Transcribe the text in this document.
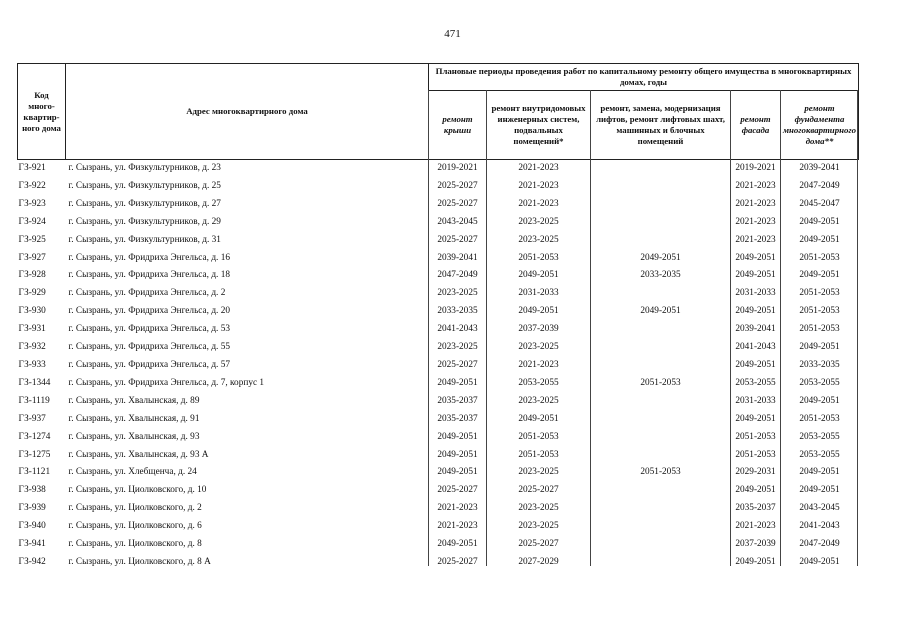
471
Код много-квартир-ного дома	Адрес многоквартирного дома	Плановые периоды проведения работ по капитальному ремонту общего имущества в многоквартирных домах, годы				
		ремонт крыши	ремонт внутридомовых инженерных систем, подвальных помещений*	ремонт, замена, модернизация лифтов, ремонт лифтовых шахт, машинных и блочных помещений	ремонт фасада	ремонт фундамента многоквартирного дома**
ГЗ-921	г. Сызрань, ул. Физкультурников, д. 23	2019-2021	2021-2023		2019-2021	2039-2041
ГЗ-922	г. Сызрань, ул. Физкультурников, д. 25	2025-2027	2021-2023		2021-2023	2047-2049
ГЗ-923	г. Сызрань, ул. Физкультурников, д. 27	2025-2027	2021-2023		2021-2023	2045-2047
ГЗ-924	г. Сызрань, ул. Физкультурников, д. 29	2043-2045	2023-2025		2021-2023	2049-2051
ГЗ-925	г. Сызрань, ул. Физкультурников, д. 31	2025-2027	2023-2025		2021-2023	2049-2051
ГЗ-927	г. Сызрань, ул. Фридриха Энгельса, д. 16	2039-2041	2051-2053	2049-2051	2049-2051	2051-2053
ГЗ-928	г. Сызрань, ул. Фридриха Энгельса, д. 18	2047-2049	2049-2051	2033-2035	2049-2051	2049-2051
ГЗ-929	г. Сызрань, ул. Фридриха Энгельса, д. 2	2023-2025	2031-2033		2031-2033	2051-2053
ГЗ-930	г. Сызрань, ул. Фридриха Энгельса, д. 20	2033-2035	2049-2051	2049-2051	2049-2051	2051-2053
ГЗ-931	г. Сызрань, ул. Фридриха Энгельса, д. 53	2041-2043	2037-2039		2039-2041	2051-2053
ГЗ-932	г. Сызрань, ул. Фридриха Энгельса, д. 55	2023-2025	2023-2025		2041-2043	2049-2051
ГЗ-933	г. Сызрань, ул. Фридриха Энгельса, д. 57	2025-2027	2021-2023		2049-2051	2033-2035
ГЗ-1344	г. Сызрань, ул. Фридриха Энгельса, д. 7, корпус 1	2049-2051	2053-2055	2051-2053	2053-2055	2053-2055
ГЗ-1119	г. Сызрань, ул. Хвалынская, д. 89	2035-2037	2023-2025		2031-2033	2049-2051
ГЗ-937	г. Сызрань, ул. Хвалынская, д. 91	2035-2037	2049-2051		2049-2051	2051-2053
ГЗ-1274	г. Сызрань, ул. Хвалынская, д. 93	2049-2051	2051-2053		2051-2053	2053-2055
ГЗ-1275	г. Сызрань, ул. Хвалынская, д. 93 А	2049-2051	2051-2053		2051-2053	2053-2055
ГЗ-1121	г. Сызрань, ул. Хлебщенча, д. 24	2049-2051	2023-2025	2051-2053	2029-2031	2049-2051
ГЗ-938	г. Сызрань, ул. Циолковского, д. 10	2025-2027	2025-2027		2049-2051	2049-2051
ГЗ-939	г. Сызрань, ул. Циолковского, д. 2	2021-2023	2023-2025		2035-2037	2043-2045
ГЗ-940	г. Сызрань, ул. Циолковского, д. 6	2021-2023	2023-2025		2021-2023	2041-2043
ГЗ-941	г. Сызрань, ул. Циолковского, д. 8	2049-2051	2025-2027		2037-2039	2047-2049
ГЗ-942	г. Сызрань, ул. Циолковского, д. 8 А	2025-2027	2027-2029		2049-2051	2049-2051
